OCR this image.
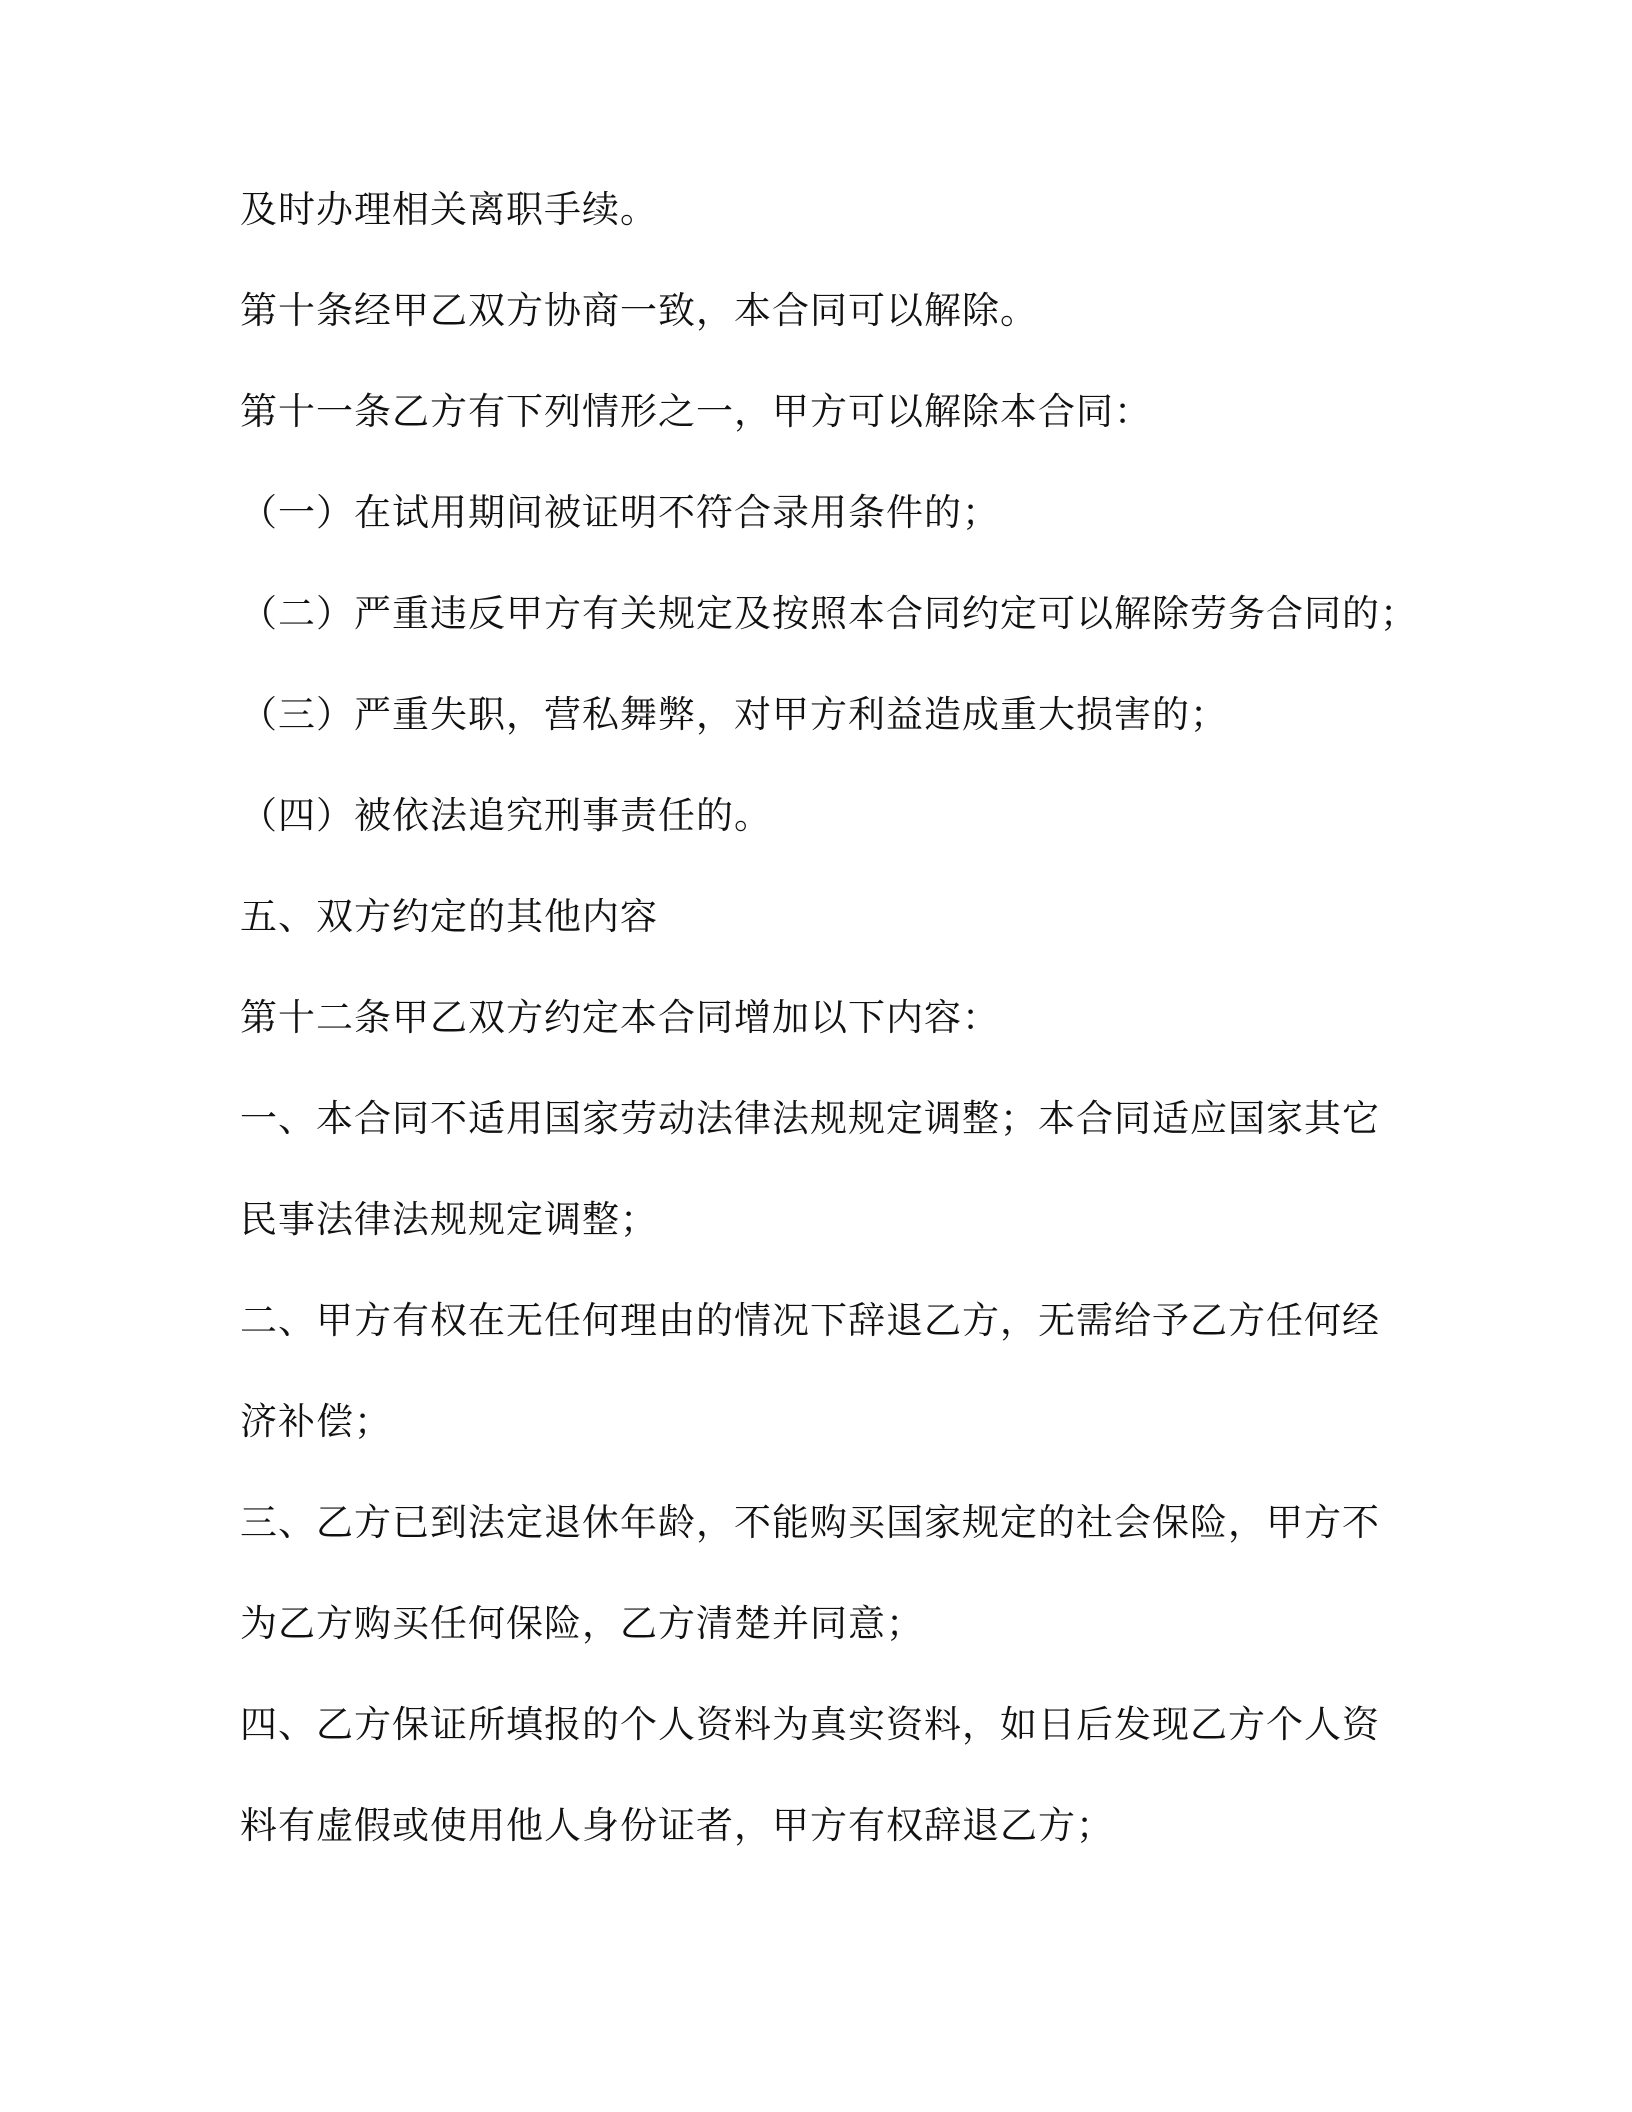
及时办理相关离职手续。

第十条经甲乙双方协商一致，本合同可以解除。

第十一条乙方有下列情形之一，甲方可以解除本合同：

（一）在试用期间被证明不符合录用条件的；

（二）严重违反甲方有关规定及按照本合同约定可以解除劳务合同的；

（三）严重失职，营私舞弊，对甲方利益造成重大损害的；

（四）被依法追究刑事责任的。

五、双方约定的其他内容

第十二条甲乙双方约定本合同增加以下内容：

一、本合同不适用国家劳动法律法规规定调整；本合同适应国家其它

民事法律法规规定调整；

二、甲方有权在无任何理由的情况下辞退乙方，无需给予乙方任何经

济补偿；

三、乙方已到法定退休年龄，不能购买国家规定的社会保险，甲方不

为乙方购买任何保险，乙方清楚并同意；

四、乙方保证所填报的个人资料为真实资料，如日后发现乙方个人资

料有虚假或使用他人身份证者，甲方有权辞退乙方；
